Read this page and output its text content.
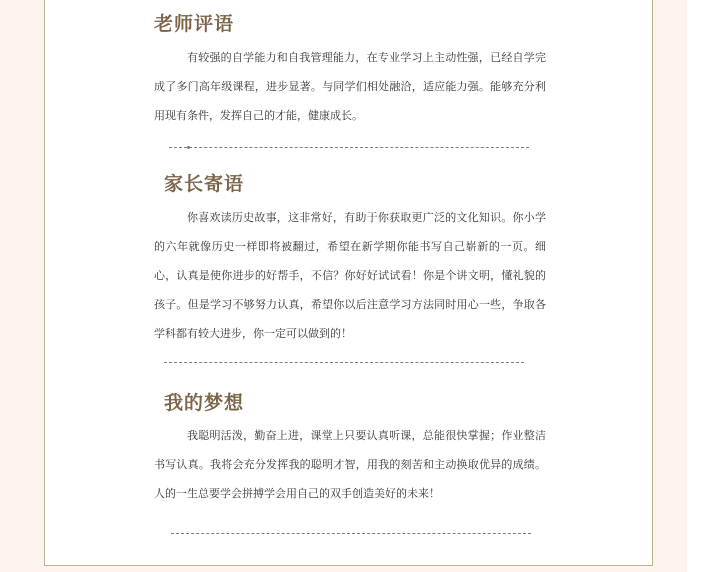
老师评语

有较强的自学能力和自我管理能力，在专业学习上主动性强，已经自学完成了多门高年级课程，进步显著。与同学们相处融洽，适应能力强。能够充分利用现有条件，发挥自己的才能，健康成长。

家长寄语

你喜欢读历史故事，这非常好，有助于你获取更广泛的文化知识。你小学的六年就像历史一样即将被翻过，希望在新学期你能书写自己崭新的一页。细心，认真是使你进步的好帮手，不信？你好好试试看！你是个讲文明，懂礼貌的孩子。但是学习不够努力认真，希望你以后注意学习方法同时用心一些，争取各学科都有较大进步，你一定可以做到的！

我的梦想

我聪明活泼，勤奋上进，课堂上只要认真听课，总能很快掌握；作业整洁书写认真。我将会充分发挥我的聪明才智，用我的刻苦和主动换取优异的成绩。人的一生总要学会拼搏学会用自己的双手创造美好的未来！
